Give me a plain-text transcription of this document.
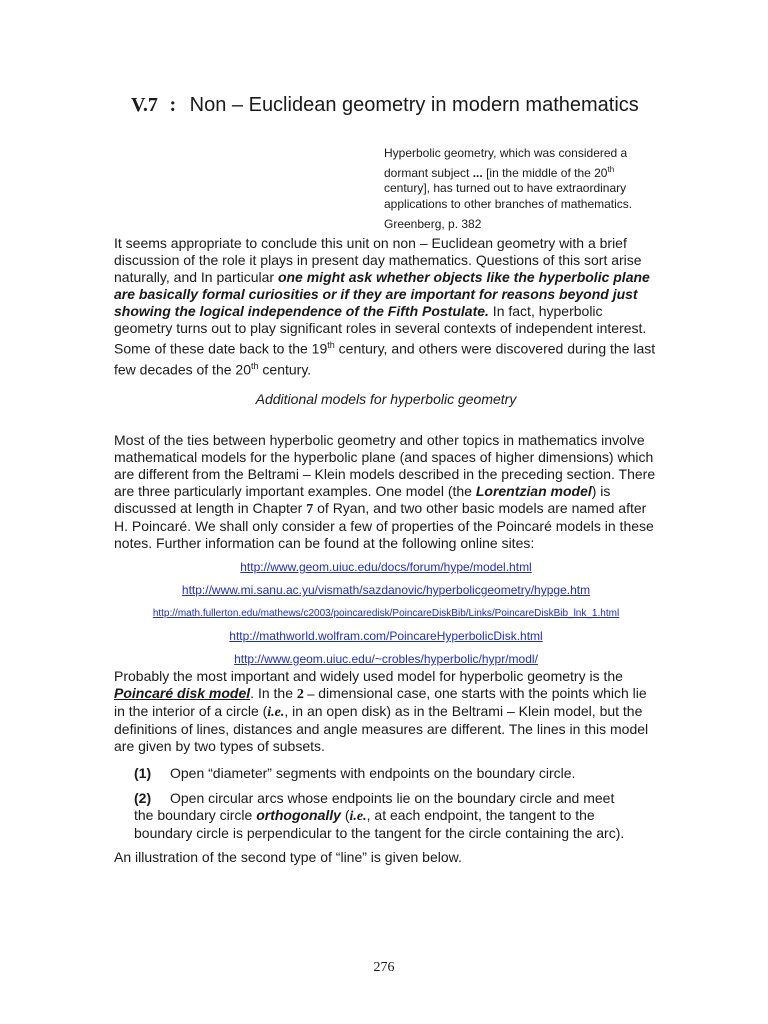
V.7 : Non – Euclidean geometry in modern mathematics

Hyperbolic geometry, which was considered a dormant subject ... [in the middle of the 20th century], has turned out to have extraordinary applications to other branches of mathematics.

Greenberg, p. 382

It seems appropriate to conclude this unit on non – Euclidean geometry with a brief discussion of the role it plays in present day mathematics. Questions of this sort arise naturally, and In particular one might ask whether objects like the hyperbolic plane are basically formal curiosities or if they are important for reasons beyond just showing the logical independence of the Fifth Postulate. In fact, hyperbolic geometry turns out to play significant roles in several contexts of independent interest. Some of these date back to the 19th century, and others were discovered during the last few decades of the 20th century.

Additional models for hyperbolic geometry

Most of the ties between hyperbolic geometry and other topics in mathematics involve mathematical models for the hyperbolic plane (and spaces of higher dimensions) which are different from the Beltrami – Klein models described in the preceding section. There are three particularly important examples. One model (the Lorentzian model) is discussed at length in Chapter 7 of Ryan, and two other basic models are named after H. Poincaré. We shall only consider a few of properties of the Poincaré models in these notes. Further information can be found at the following online sites:

http://www.geom.uiuc.edu/docs/forum/hype/model.html
http://www.mi.sanu.ac.yu/vismath/sazdanovic/hyperbolicgeometry/hypge.htm
http://math.fullerton.edu/mathews/c2003/poincaredisk/PoincareDiskBib/Links/PoincareDiskBib_lnk_1.html
http://mathworld.wolfram.com/PoincareHyperbolicDisk.html
http://www.geom.uiuc.edu/~crobles/hyperbolic/hypr/modl/

Probably the most important and widely used model for hyperbolic geometry is the Poincaré disk model. In the 2 – dimensional case, one starts with the points which lie in the interior of a circle (i.e., in an open disk) as in the Beltrami – Klein model, but the definitions of lines, distances and angle measures are different. The lines in this model are given by two types of subsets.

(1) Open “diameter” segments with endpoints on the boundary circle.
(2) Open circular arcs whose endpoints lie on the boundary circle and meet
the boundary circle orthogonally (i.e., at each endpoint, the tangent to the boundary circle is perpendicular to the tangent for the circle containing the arc).
An illustration of the second type of “line” is given below.
276
